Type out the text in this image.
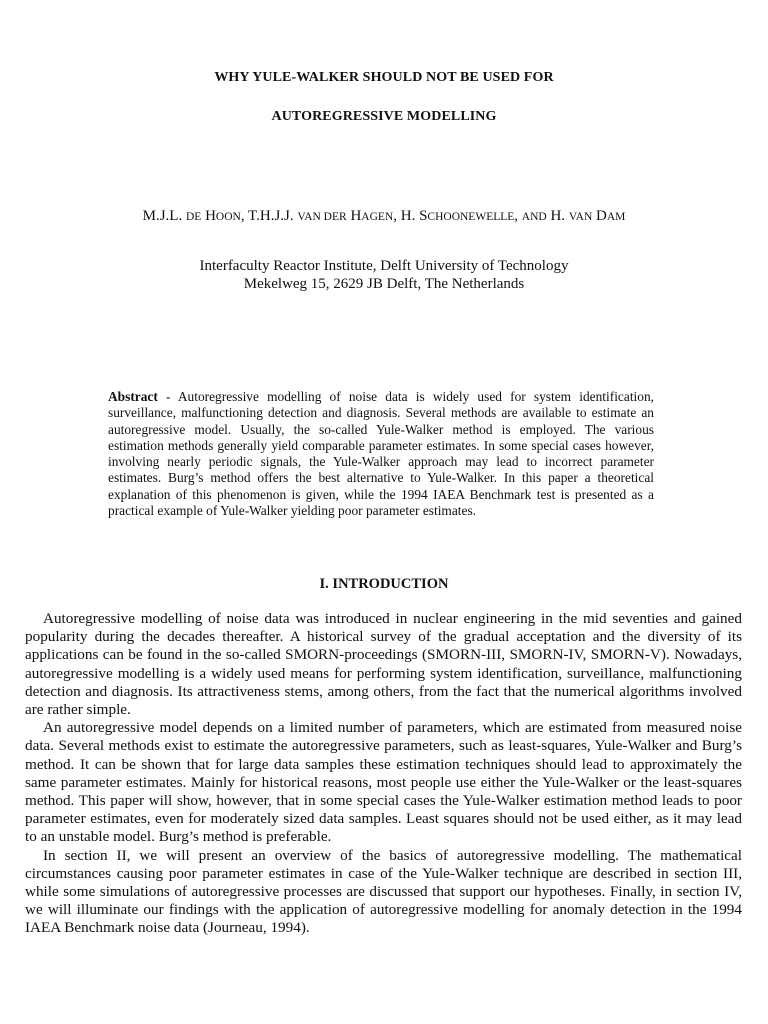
WHY YULE-WALKER SHOULD NOT BE USED FOR
AUTOREGRESSIVE MODELLING
M.J.L. DE HOON, T.H.J.J. VAN DER HAGEN, H. SCHOONEWELLE, AND H. VAN DAM
Interfaculty Reactor Institute, Delft University of Technology
Mekelweg 15, 2629 JB Delft, The Netherlands
Abstract - Autoregressive modelling of noise data is widely used for system identification, surveillance, malfunctioning detection and diagnosis. Several methods are available to estimate an autoregressive model. Usually, the so-called Yule-Walker method is employed. The various estimation methods generally yield comparable parameter estimates. In some special cases however, involving nearly periodic signals, the Yule-Walker approach may lead to incorrect parameter estimates. Burg’s method offers the best alternative to Yule-Walker. In this paper a theoretical explanation of this phenomenon is given, while the 1994 IAEA Benchmark test is presented as a practical example of Yule-Walker yielding poor parameter estimates.
I. INTRODUCTION

Autoregressive modelling of noise data was introduced in nuclear engineering in the mid seventies and gained popularity during the decades thereafter. A historical survey of the gradual acceptation and the diversity of its applications can be found in the so-called SMORN-proceedings (SMORN-III, SMORN-IV, SMORN-V). Nowadays, autoregressive modelling is a widely used means for performing system identification, surveillance, malfunctioning detection and diagnosis. Its attractiveness stems, among others, from the fact that the numerical algorithms involved are rather simple.

An autoregressive model depends on a limited number of parameters, which are estimated from measured noise data. Several methods exist to estimate the autoregressive parameters, such as least-squares, Yule-Walker and Burg’s method. It can be shown that for large data samples these estimation techniques should lead to approximately the same parameter estimates. Mainly for historical reasons, most people use either the Yule-Walker or the least-squares method. This paper will show, however, that in some special cases the Yule-Walker estimation method leads to poor parameter estimates, even for moderately sized data samples. Least squares should not be used either, as it may lead to an unstable model. Burg’s method is preferable.

In section II, we will present an overview of the basics of autoregressive modelling. The mathematical circumstances causing poor parameter estimates in case of the Yule-Walker technique are described in section III, while some simulations of autoregressive processes are discussed that support our hypotheses. Finally, in section IV, we will illuminate our findings with the application of autoregressive modelling for anomaly detection in the 1994 IAEA Benchmark noise data (Journeau, 1994).
